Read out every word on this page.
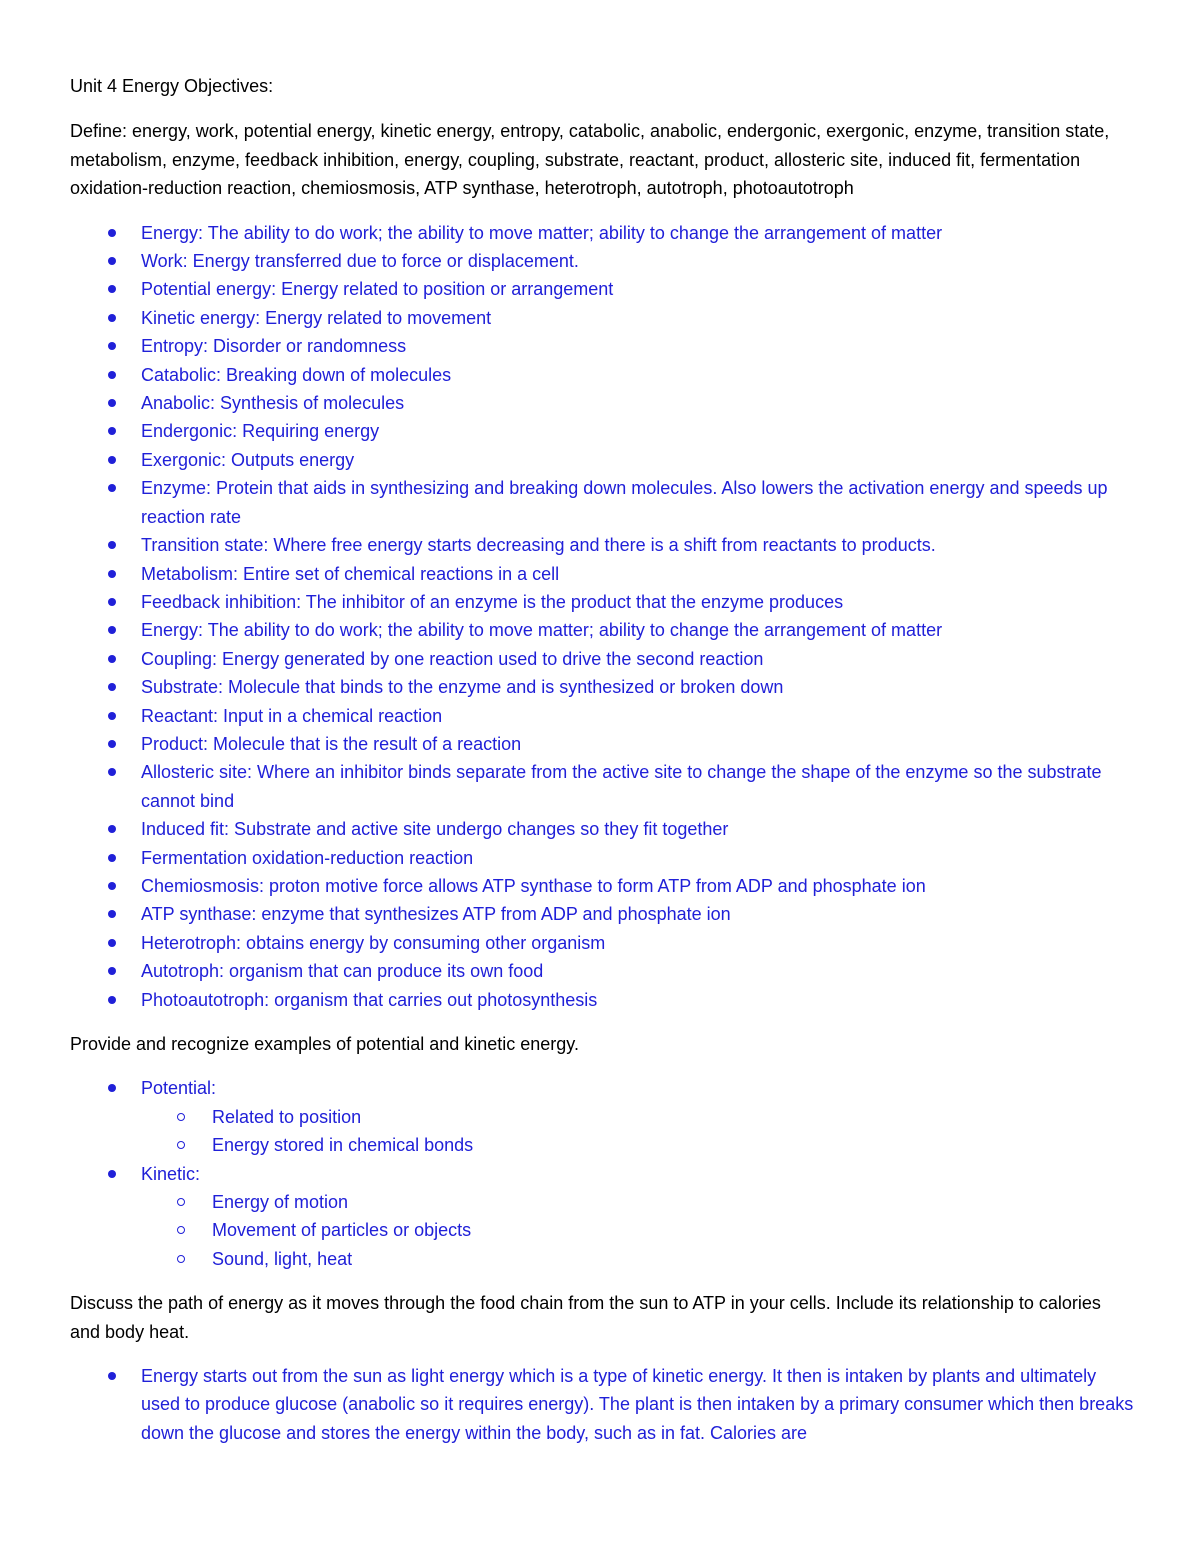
Unit 4 Energy Objectives:

Define: energy, work, potential energy, kinetic energy, entropy, catabolic, anabolic, endergonic, exergonic, enzyme, transition state, metabolism, enzyme, feedback inhibition, energy, coupling, substrate, reactant, product, allosteric site, induced fit, fermentation oxidation-reduction reaction, chemiosmosis, ATP synthase, heterotroph, autotroph, photoautotroph

Energy: The ability to do work; the ability to move matter; ability to change the arrangement of matter
Work: Energy transferred due to force or displacement.
Potential energy: Energy related to position or arrangement
Kinetic energy: Energy related to movement
Entropy: Disorder or randomness
Catabolic: Breaking down of molecules
Anabolic: Synthesis of molecules
Endergonic: Requiring energy
Exergonic: Outputs energy
Enzyme: Protein that aids in synthesizing and breaking down molecules. Also lowers the activation energy and speeds up reaction rate
Transition state: Where free energy starts decreasing and there is a shift from reactants to products.
Metabolism: Entire set of chemical reactions in a cell
Feedback inhibition: The inhibitor of an enzyme is the product that the enzyme produces
Energy: The ability to do work; the ability to move matter; ability to change the arrangement of matter
Coupling: Energy generated by one reaction used to drive the second reaction
Substrate: Molecule that binds to the enzyme and is synthesized or broken down
Reactant: Input in a chemical reaction
Product: Molecule that is the result of a reaction
Allosteric site: Where an inhibitor binds separate from the active site to change the shape of the enzyme so the substrate cannot bind
Induced fit: Substrate and active site undergo changes so they fit together
Fermentation oxidation-reduction reaction
Chemiosmosis: proton motive force allows ATP synthase to form ATP from ADP and phosphate ion
ATP synthase: enzyme that synthesizes ATP from ADP and phosphate ion
Heterotroph: obtains energy by consuming other organism
Autotroph: organism that can produce its own food
Photoautotroph: organism that carries out photosynthesis

Provide and recognize examples of potential and kinetic energy.

Potential:
Related to position
Energy stored in chemical bonds
Kinetic:
Energy of motion
Movement of particles or objects
Sound, light, heat

Discuss the path of energy as it moves through the food chain from the sun to ATP in your cells. Include its relationship to calories and body heat.

Energy starts out from the sun as light energy which is a type of kinetic energy. It then is intaken by plants and ultimately used to produce glucose (anabolic so it requires energy). The plant is then intaken by a primary consumer which then breaks down the glucose and stores the energy within the body, such as in fat. Calories are
